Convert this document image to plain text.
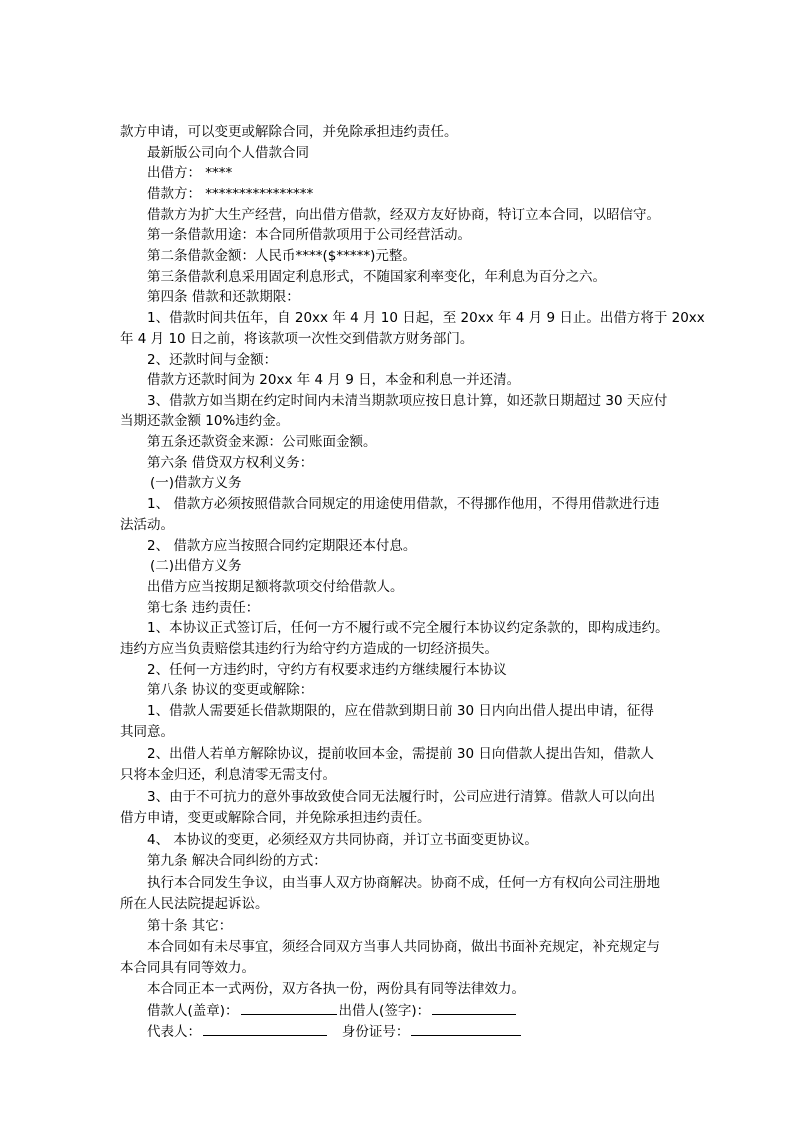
款方申请，可以变更或解除合同，并免除承担违约责任。
最新版公司向个人借款合同
出借方： ****
借款方： ****************
借款方为扩大生产经营，向出借方借款，经双方友好协商，特订立本合同，以昭信守。
第一条借款用途：本合同所借款项用于公司经营活动。
第二条借款金额：人民币****($*****)元整。
第三条借款利息采用固定利息形式，不随国家利率变化，年利息为百分之六。
第四条 借款和还款期限：
1、借款时间共伍年，自 20xx 年 4 月 10 日起，至 20xx 年 4 月 9 日止。出借方将于 20xx
年 4 月 10 日之前，将该款项一次性交到借款方财务部门。
2、还款时间与金额：
借款方还款时间为 20xx 年 4 月 9 日，本金和利息一并还清。
3、借款方如当期在约定时间内未清当期款项应按日息计算，如还款日期超过 30 天应付
当期还款金额 10%违约金。
第五条还款资金来源：公司账面金额。
第六条 借贷双方权利义务：
(一)借款方义务
1、 借款方必须按照借款合同规定的用途使用借款，不得挪作他用，不得用借款进行违
法活动。
2、 借款方应当按照合同约定期限还本付息。
(二)出借方义务
出借方应当按期足额将款项交付给借款人。
第七条 违约责任：
1、本协议正式签订后，任何一方不履行或不完全履行本协议约定条款的，即构成违约。
违约方应当负责赔偿其违约行为给守约方造成的一切经济损失。
2、任何一方违约时，守约方有权要求违约方继续履行本协议
第八条 协议的变更或解除：
1、借款人需要延长借款期限的，应在借款到期日前 30 日内向出借人提出申请，征得
其同意。
2、出借人若单方解除协议，提前收回本金，需提前 30 日向借款人提出告知，借款人
只将本金归还，利息清零无需支付。
3、由于不可抗力的意外事故致使合同无法履行时，公司应进行清算。借款人可以向出
借方申请，变更或解除合同，并免除承担违约责任。
4、 本协议的变更，必须经双方共同协商，并订立书面变更协议。
第九条 解决合同纠纷的方式：
执行本合同发生争议，由当事人双方协商解决。协商不成，任何一方有权向公司注册地
所在人民法院提起诉讼。
第十条 其它：
本合同如有未尽事宜，须经合同双方当事人共同协商，做出书面补充规定，补充规定与
本合同具有同等效力。
本合同正本一式两份，双方各执一份，两份具有同等法律效力。
借款人(盖章)：	出借人(签字)：
代表人：	身份证号：
